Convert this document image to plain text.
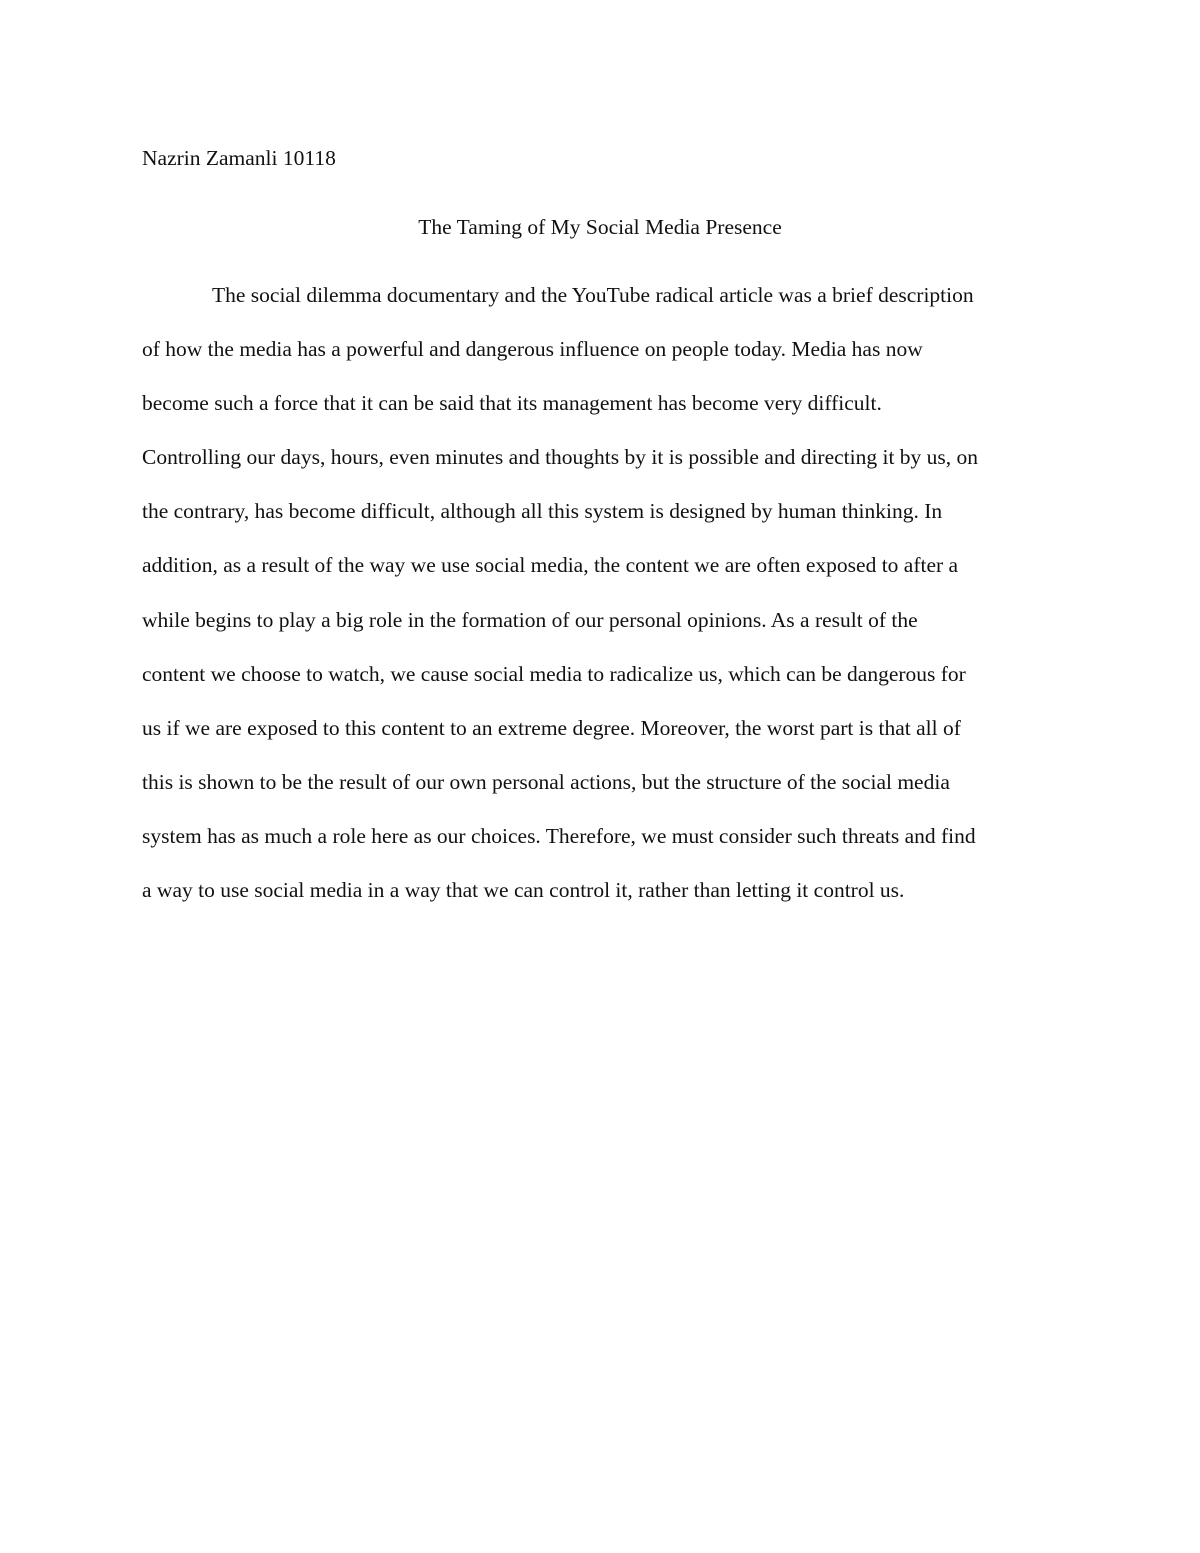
Nazrin Zamanli 10118
The Taming of My Social Media Presence
The social dilemma documentary and the YouTube radical article was a brief description
of how the media has a powerful and dangerous influence on people today. Media has now
become such a force that it can be said that its management has become very difficult.
Controlling our days, hours, even minutes and thoughts by it is possible and directing it by us, on
the contrary, has become difficult, although all this system is designed by human thinking. In
addition, as a result of the way we use social media, the content we are often exposed to after a
while begins to play a big role in the formation of our personal opinions. As a result of the
content we choose to watch, we cause social media to radicalize us, which can be dangerous for
us if we are exposed to this content to an extreme degree. Moreover, the worst part is that all of
this is shown to be the result of our own personal actions, but the structure of the social media
system has as much a role here as our choices. Therefore, we must consider such threats and find
a way to use social media in a way that we can control it, rather than letting it control us.
